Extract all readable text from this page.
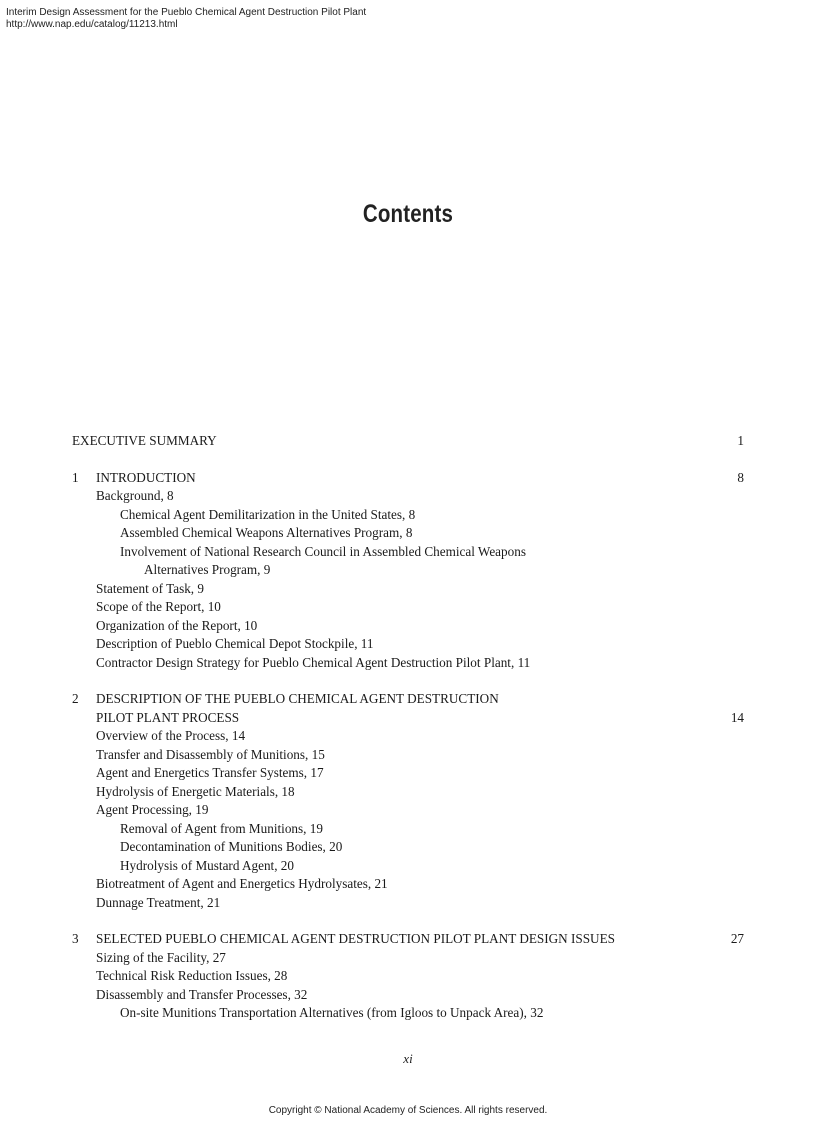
Interim Design Assessment for the Pueblo Chemical Agent Destruction Pilot Plant
http://www.nap.edu/catalog/11213.html
Contents
EXECUTIVE SUMMARY	1
1 INTRODUCTION	8
Background, 8
Chemical Agent Demilitarization in the United States, 8
Assembled Chemical Weapons Alternatives Program, 8
Involvement of National Research Council in Assembled Chemical Weapons
Alternatives Program, 9
Statement of Task, 9
Scope of the Report, 10
Organization of the Report, 10
Description of Pueblo Chemical Depot Stockpile, 11
Contractor Design Strategy for Pueblo Chemical Agent Destruction Pilot Plant, 11
2 DESCRIPTION OF THE PUEBLO CHEMICAL AGENT DESTRUCTION
PILOT PLANT PROCESS	14
Overview of the Process, 14
Transfer and Disassembly of Munitions, 15
Agent and Energetics Transfer Systems, 17
Hydrolysis of Energetic Materials, 18
Agent Processing, 19
Removal of Agent from Munitions, 19
Decontamination of Munitions Bodies, 20
Hydrolysis of Mustard Agent, 20
Biotreatment of Agent and Energetics Hydrolysates, 21
Dunnage Treatment, 21
3 SELECTED PUEBLO CHEMICAL AGENT DESTRUCTION PILOT PLANT DESIGN ISSUES	27
Sizing of the Facility, 27
Technical Risk Reduction Issues, 28
Disassembly and Transfer Processes, 32
On-site Munitions Transportation Alternatives (from Igloos to Unpack Area), 32
xi
Copyright © National Academy of Sciences. All rights reserved.
